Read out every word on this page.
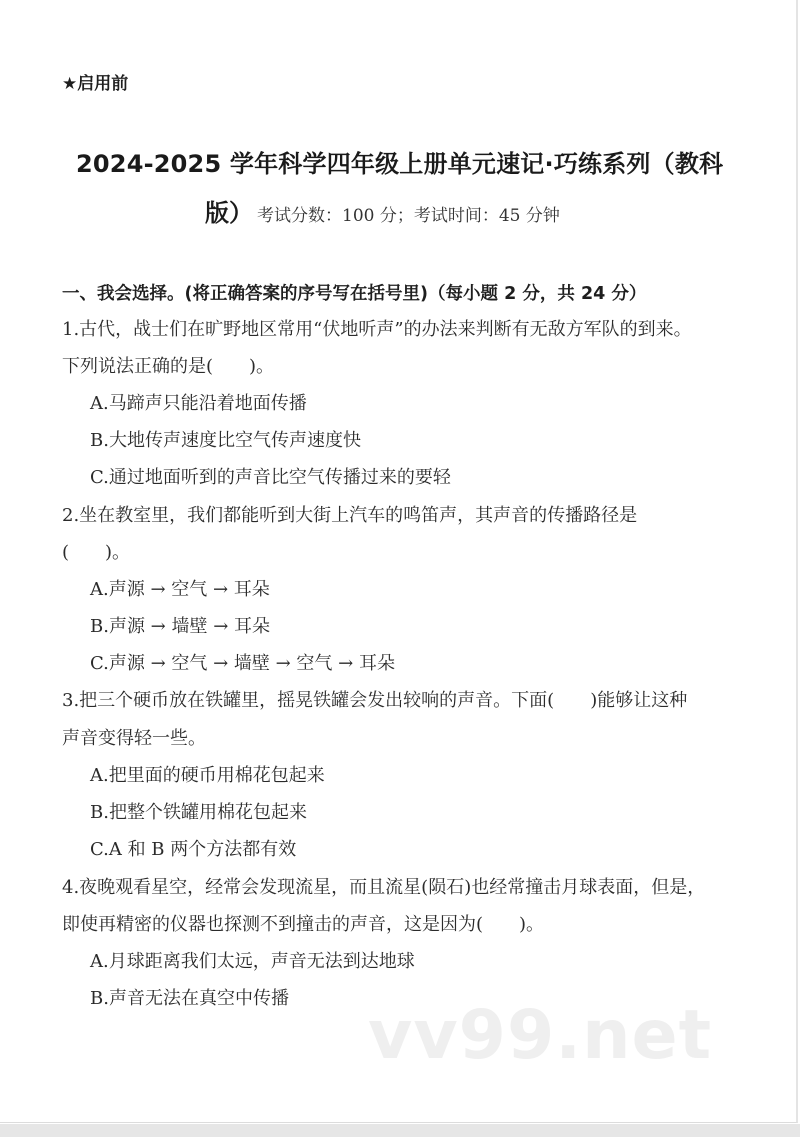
★启用前
2024-2025 学年科学四年级上册单元速记·巧练系列（教科
版） 考试分数：100 分；考试时间：45 分钟
一、我会选择。(将正确答案的序号写在括号里)（每小题 2 分，共 24 分）
1.古代，战士们在旷野地区常用“伏地听声”的办法来判断有无敌方军队的到来。
下列说法正确的是(　　)。
A.马蹄声只能沿着地面传播
B.大地传声速度比空气传声速度快
C.通过地面听到的声音比空气传播过来的要轻
2.坐在教室里，我们都能听到大街上汽车的鸣笛声，其声音的传播路径是
(　　)。
A.声源 → 空气 → 耳朵
B.声源 → 墙壁 → 耳朵
C.声源 → 空气 → 墙壁 → 空气 → 耳朵
3.把三个硬币放在铁罐里，摇晃铁罐会发出较响的声音。下面(　　)能够让这种
声音变得轻一些。
A.把里面的硬币用棉花包起来
B.把整个铁罐用棉花包起来
C.A 和 B 两个方法都有效
4.夜晚观看星空，经常会发现流星，而且流星(陨石)也经常撞击月球表面，但是，
即使再精密的仪器也探测不到撞击的声音，这是因为(　　)。
A.月球距离我们太远，声音无法到达地球
B.声音无法在真空中传播 vv99.net
